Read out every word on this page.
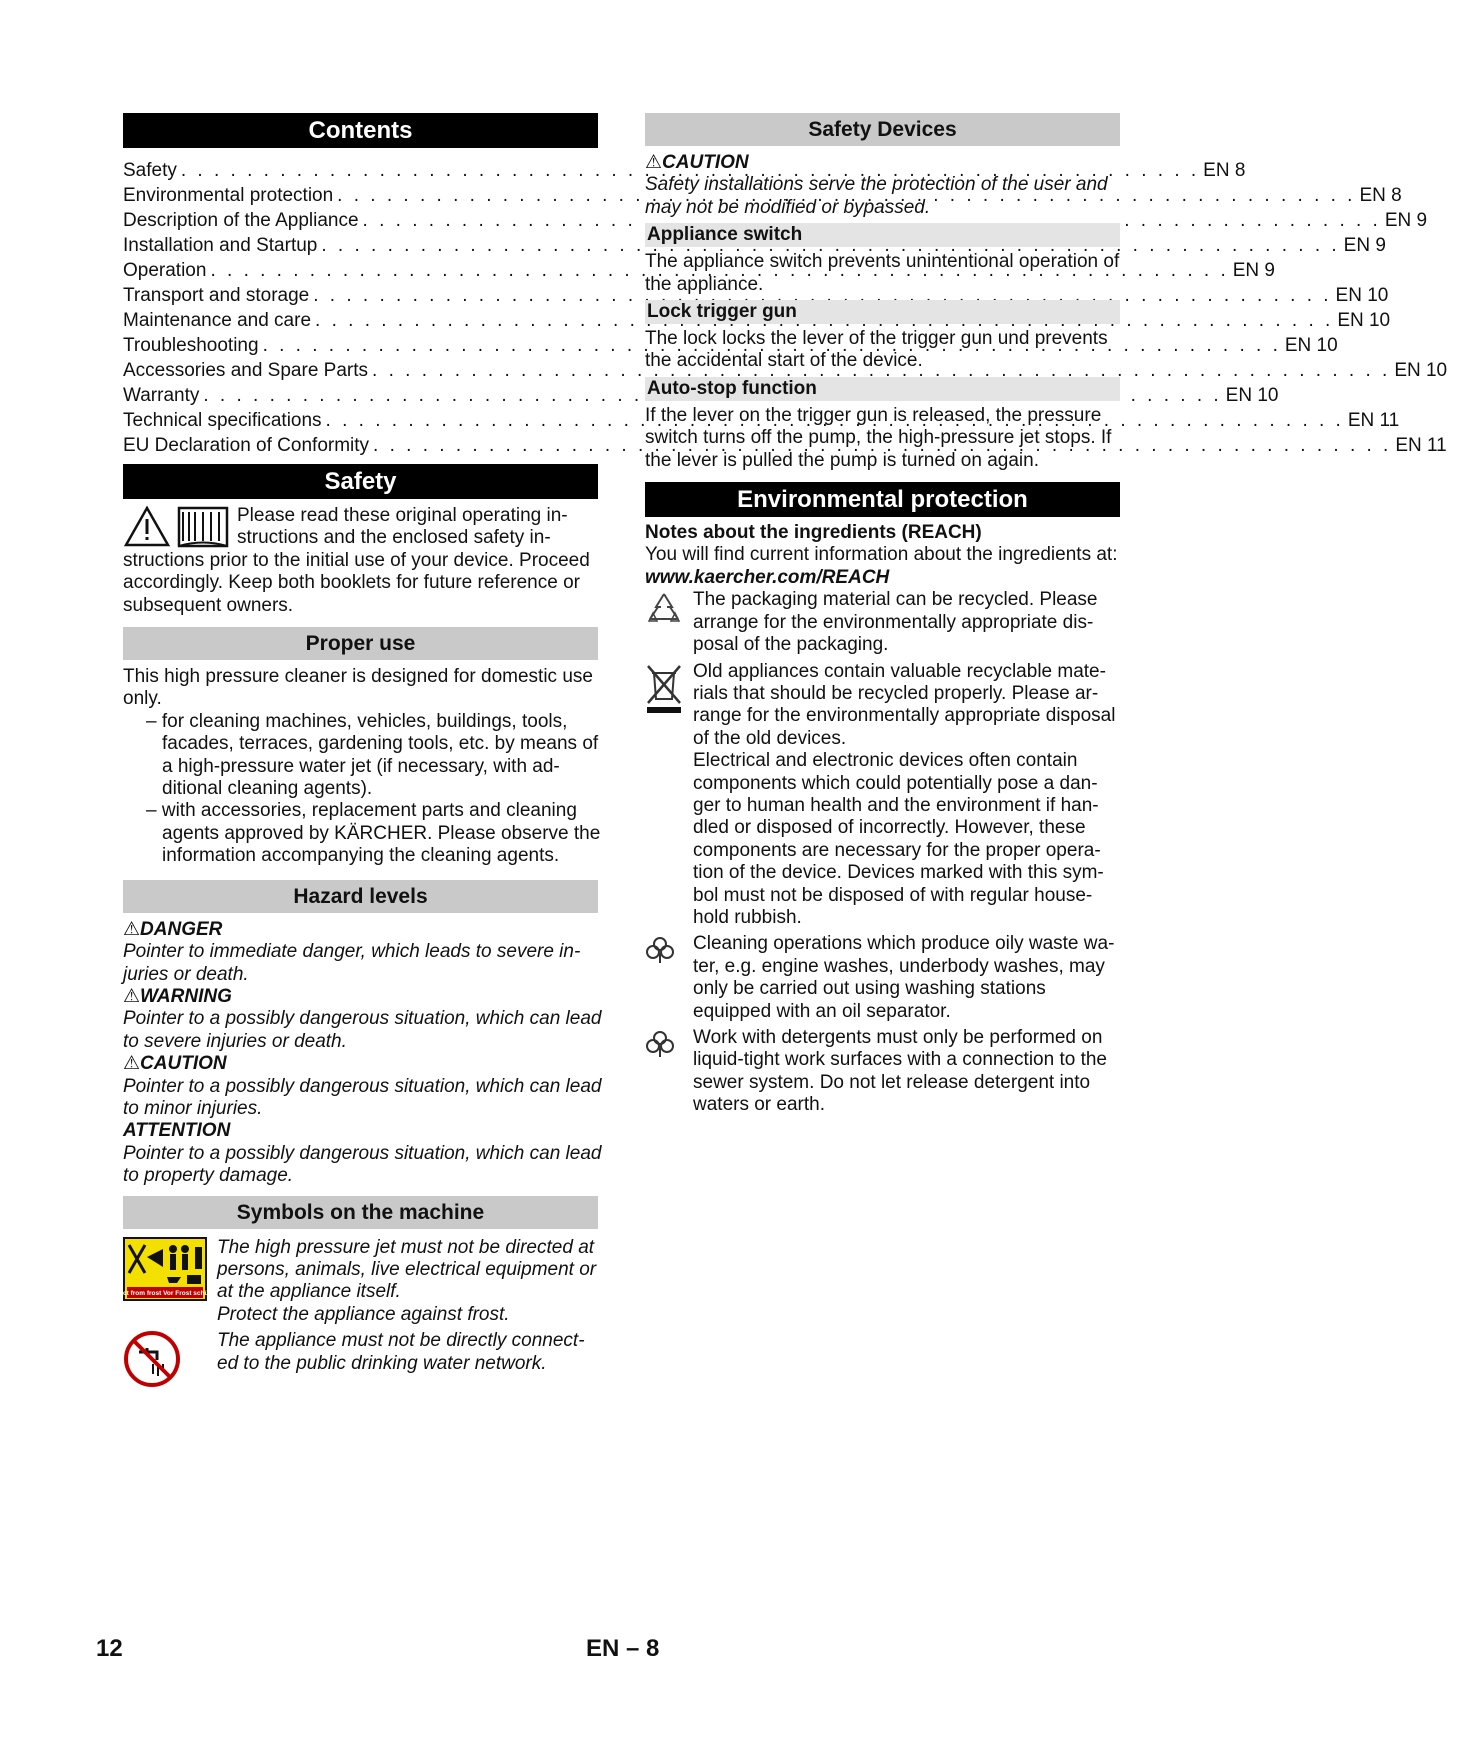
Contents
Safety . . .	EN 8
Environmental protection . . .	EN 8
Description of the Appliance . . .	EN 9
Installation and Startup . . .	EN 9
Operation . . .	EN 9
Transport and storage . . .	EN 10
Maintenance and care . . .	EN 10
Troubleshooting . . .	EN 10
Accessories and Spare Parts . . .	EN 10
Warranty . . .	EN 10
Technical specifications . . .	EN 11
EU Declaration of Conformity . . .	EN 11
Safety

Please read these original operating in- structions and the enclosed safety in- structions prior to the initial use of your device. Proceed accordingly. Keep both booklets for future reference or subsequent owners.

Proper use

This high pressure cleaner is designed for domestic use only.

– for cleaning machines, vehicles, buildings, tools, facades, terraces, gardening tools, etc. by means of a high-pressure water jet (if necessary, with ad- ditional cleaning agents).

– with accessories, replacement parts and cleaning agents approved by KÄRCHER. Please observe the information accompanying the cleaning agents.

Hazard levels

⚠DANGER

Pointer to immediate danger, which leads to severe in- juries or death.

⚠WARNING

Pointer to a possibly dangerous situation, which can lead to severe injuries or death.

⚠CAUTION

Pointer to a possibly dangerous situation, which can lead to minor injuries.

ATTENTION

Pointer to a possibly dangerous situation, which can lead to property damage.

Symbols on the machine
Protect from frost Vor Frost schützen!

The high pressure jet must not be directed at persons, animals, live electrical equipment or at the appliance itself.

Protect the appliance against frost.

The appliance must not be directly connect- ed to the public drinking water network.

Safety Devices

⚠CAUTION

Safety installations serve the protection of the user and may not be modified or bypassed.

Appliance switch

The appliance switch prevents unintentional operation of the appliance.

Lock trigger gun

The lock locks the lever of the trigger gun und prevents the accidental start of the device.

Auto-stop function

If the lever on the trigger gun is released, the pressure switch turns off the pump, the high-pressure jet stops. If the lever is pulled the pump is turned on again.

Environmental protection

Notes about the ingredients (REACH)

You will find current information about the ingredients at:

www.kaercher.com/REACH

The packaging material can be recycled. Please arrange for the environmentally appropriate dis- posal of the packaging.

Old appliances contain valuable recyclable mate- rials that should be recycled properly. Please ar- range for the environmentally appropriate disposal of the old devices.

Electrical and electronic devices often contain components which could potentially pose a dan- ger to human health and the environment if han- dled or disposed of incorrectly. However, these components are necessary for the proper opera- tion of the device. Devices marked with this sym- bol must not be disposed of with regular house- hold rubbish.

Cleaning operations which produce oily waste wa- ter, e.g. engine washes, underbody washes, may only be carried out using washing stations equipped with an oil separator.

Work with detergents must only be performed on liquid-tight work surfaces with a connection to the sewer system. Do not let release detergent into waters or earth.

12	EN – 8
